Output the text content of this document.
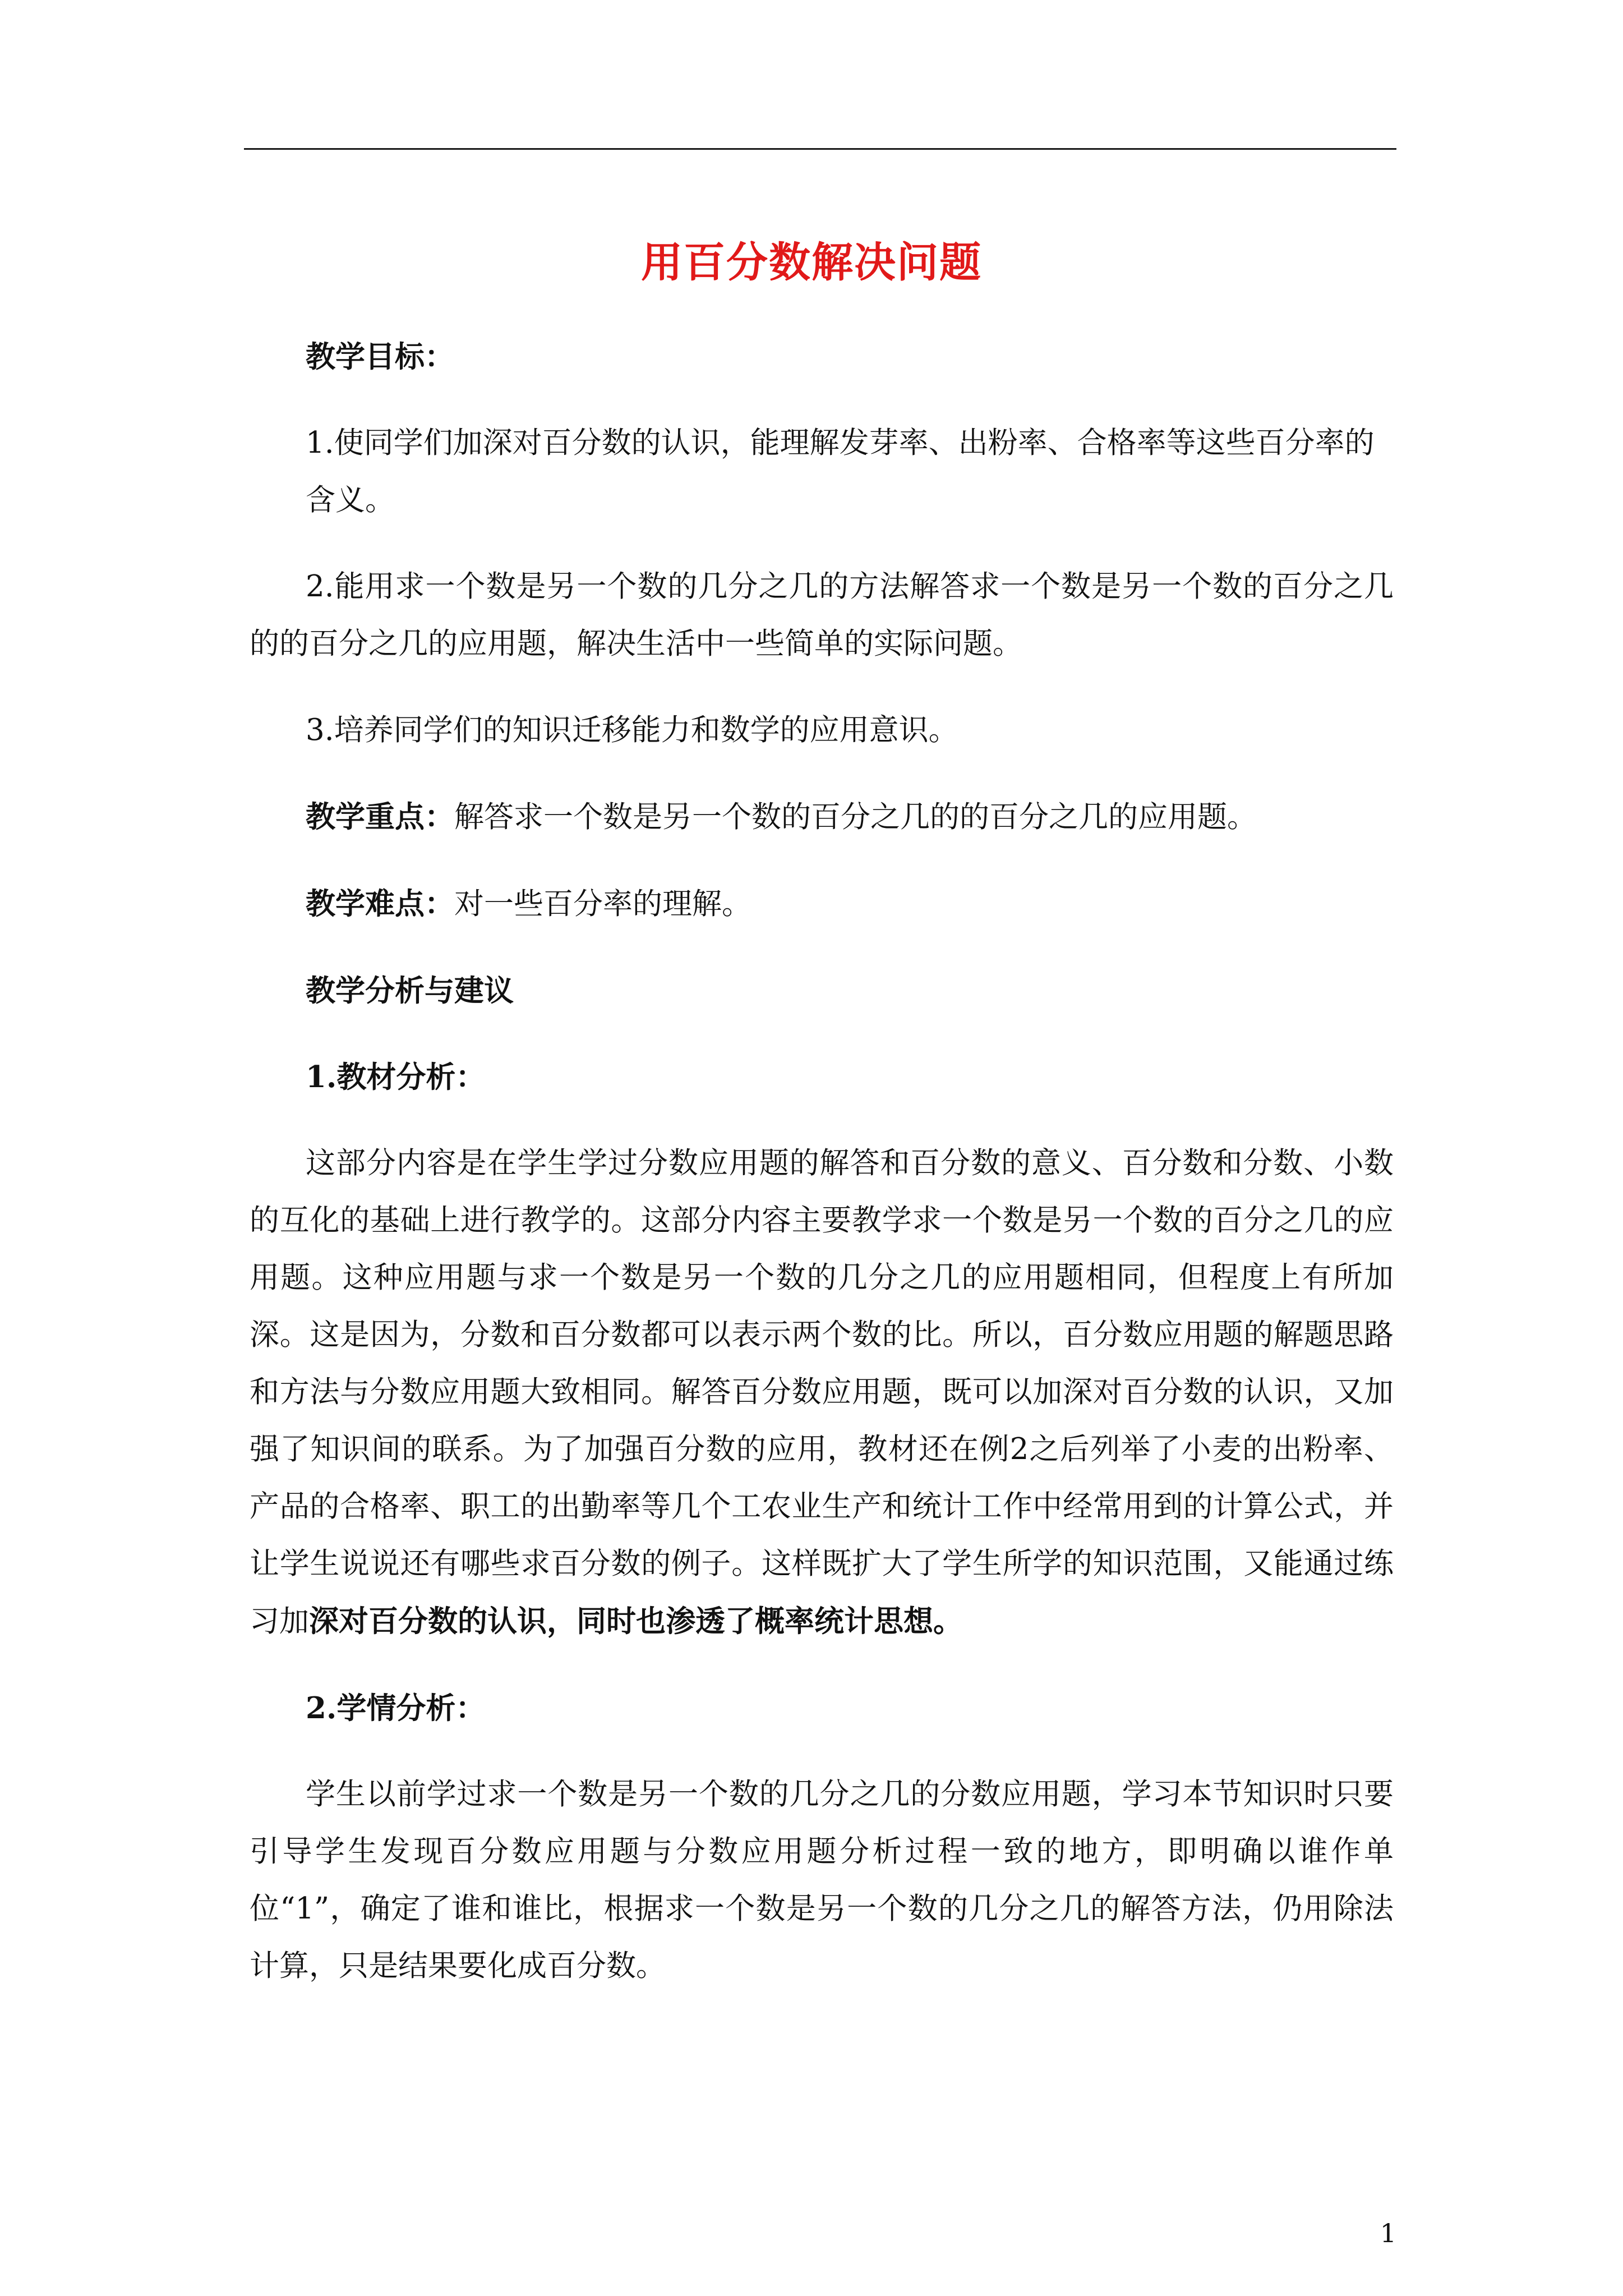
用百分数解决问题

教学目标：

1.使同学们加深对百分数的认识，能理解发芽率、出粉率、合格率等这些百分率的含义。

2.能用求一个数是另一个数的几分之几的方法解答求一个数是另一个数的百分之几的的百分之几的应用题，解决生活中一些简单的实际问题。

3.培养同学们的知识迁移能力和数学的应用意识。

教学重点：解答求一个数是另一个数的百分之几的的百分之几的应用题。

教学难点：对一些百分率的理解。

教学分析与建议

1.教材分析：

这部分内容是在学生学过分数应用题的解答和百分数的意义、百分数和分数、小数的互化的基础上进行教学的。这部分内容主要教学求一个数是另一个数的百分之几的应用题。这种应用题与求一个数是另一个数的几分之几的应用题相同，但程度上有所加深。这是因为，分数和百分数都可以表示两个数的比。所以，百分数应用题的解题思路和方法与分数应用题大致相同。解答百分数应用题，既可以加深对百分数的认识，又加强了知识间的联系。为了加强百分数的应用，教材还在例2之后列举了小麦的出粉率、产品的合格率、职工的出勤率等几个工农业生产和统计工作中经常用到的计算公式，并让学生说说还有哪些求百分数的例子。这样既扩大了学生所学的知识范围，又能通过练习加深对百分数的认识，同时也渗透了概率统计思想。

2.学情分析：

学生以前学过求一个数是另一个数的几分之几的分数应用题，学习本节知识时只要引导学生发现百分数应用题与分数应用题分析过程一致的地方，即明确以谁作单位“1”，确定了谁和谁比，根据求一个数是另一个数的几分之几的解答方法，仍用除法计算，只是结果要化成百分数。

1
